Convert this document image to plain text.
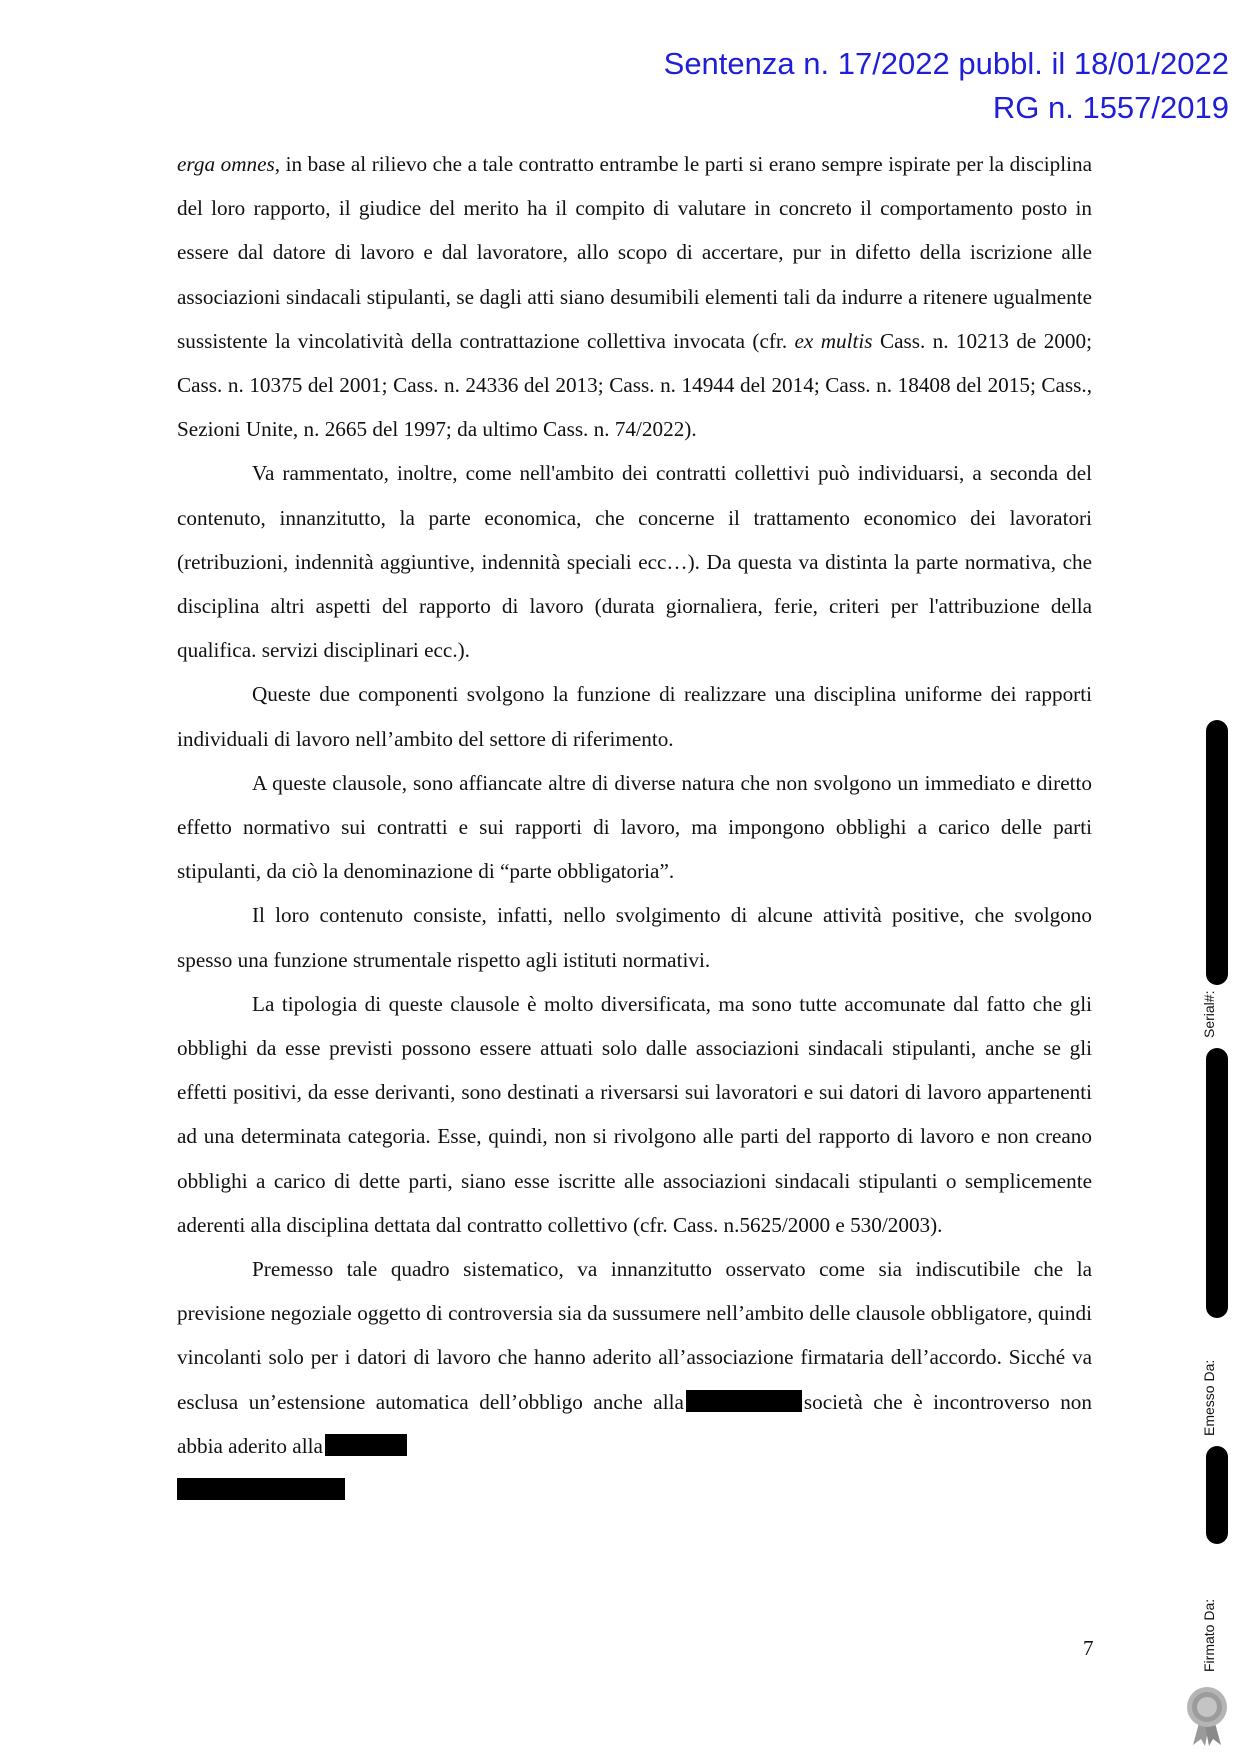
Sentenza n. 17/2022 pubbl. il 18/01/2022
RG n. 1557/2019

erga omnes, in base al rilievo che a tale contratto entrambe le parti si erano sempre ispirate per la disciplina del loro rapporto, il giudice del merito ha il compito di valutare in concreto il comportamento posto in essere dal datore di lavoro e dal lavoratore, allo scopo di accertare, pur in difetto della iscrizione alle associazioni sindacali stipulanti, se dagli atti siano desumibili elementi tali da indurre a ritenere ugualmente sussistente la vincolatività della contrattazione collettiva invocata (cfr. ex multis Cass. n. 10213 de 2000; Cass. n. 10375 del 2001; Cass. n. 24336 del 2013; Cass. n. 14944 del 2014; Cass. n. 18408 del 2015; Cass., Sezioni Unite, n. 2665 del 1997; da ultimo Cass. n. 74/2022).

Va rammentato, inoltre, come nell'ambito dei contratti collettivi può individuarsi, a seconda del contenuto, innanzitutto, la parte economica, che concerne il trattamento economico dei lavoratori (retribuzioni, indennità aggiuntive, indennità speciali ecc…). Da questa va distinta la parte normativa, che disciplina altri aspetti del rapporto di lavoro (durata giornaliera, ferie, criteri per l'attribuzione della qualifica. servizi disciplinari ecc.).

Queste due componenti svolgono la funzione di realizzare una disciplina uniforme dei rapporti individuali di lavoro nell’ambito del settore di riferimento.

A queste clausole, sono affiancate altre di diverse natura che non svolgono un immediato e diretto effetto normativo sui contratti e sui rapporti di lavoro, ma impongono obblighi a carico delle parti stipulanti, da ciò la denominazione di “parte obbligatoria”.

Il loro contenuto consiste, infatti, nello svolgimento di alcune attività positive, che svolgono spesso una funzione strumentale rispetto agli istituti normativi.

La tipologia di queste clausole è molto diversificata, ma sono tutte accomunate dal fatto che gli obblighi da esse previsti possono essere attuati solo dalle associazioni sindacali stipulanti, anche se gli effetti positivi, da esse derivanti, sono destinati a riversarsi sui lavoratori e sui datori di lavoro appartenenti ad una determinata categoria. Esse, quindi, non si rivolgono alle parti del rapporto di lavoro e non creano obblighi a carico di dette parti, siano esse iscritte alle associazioni sindacali stipulanti o semplicemente aderenti alla disciplina dettata dal contratto collettivo (cfr. Cass. n.5625/2000 e 530/2003).

Premesso tale quadro sistematico, va innanzitutto osservato come sia indiscutibile che la previsione negoziale oggetto di controversia sia da sussumere nell’ambito delle clausole obbligatore, quindi vincolanti solo per i datori di lavoro che hanno aderito all’associazione firmataria dell’accordo. Sicché va esclusa un’estensione automatica dell’obbligo anche alla	società che è incontroverso non abbia aderito alla

7
Serial#:
Emesso Da:
Firmato Da:
